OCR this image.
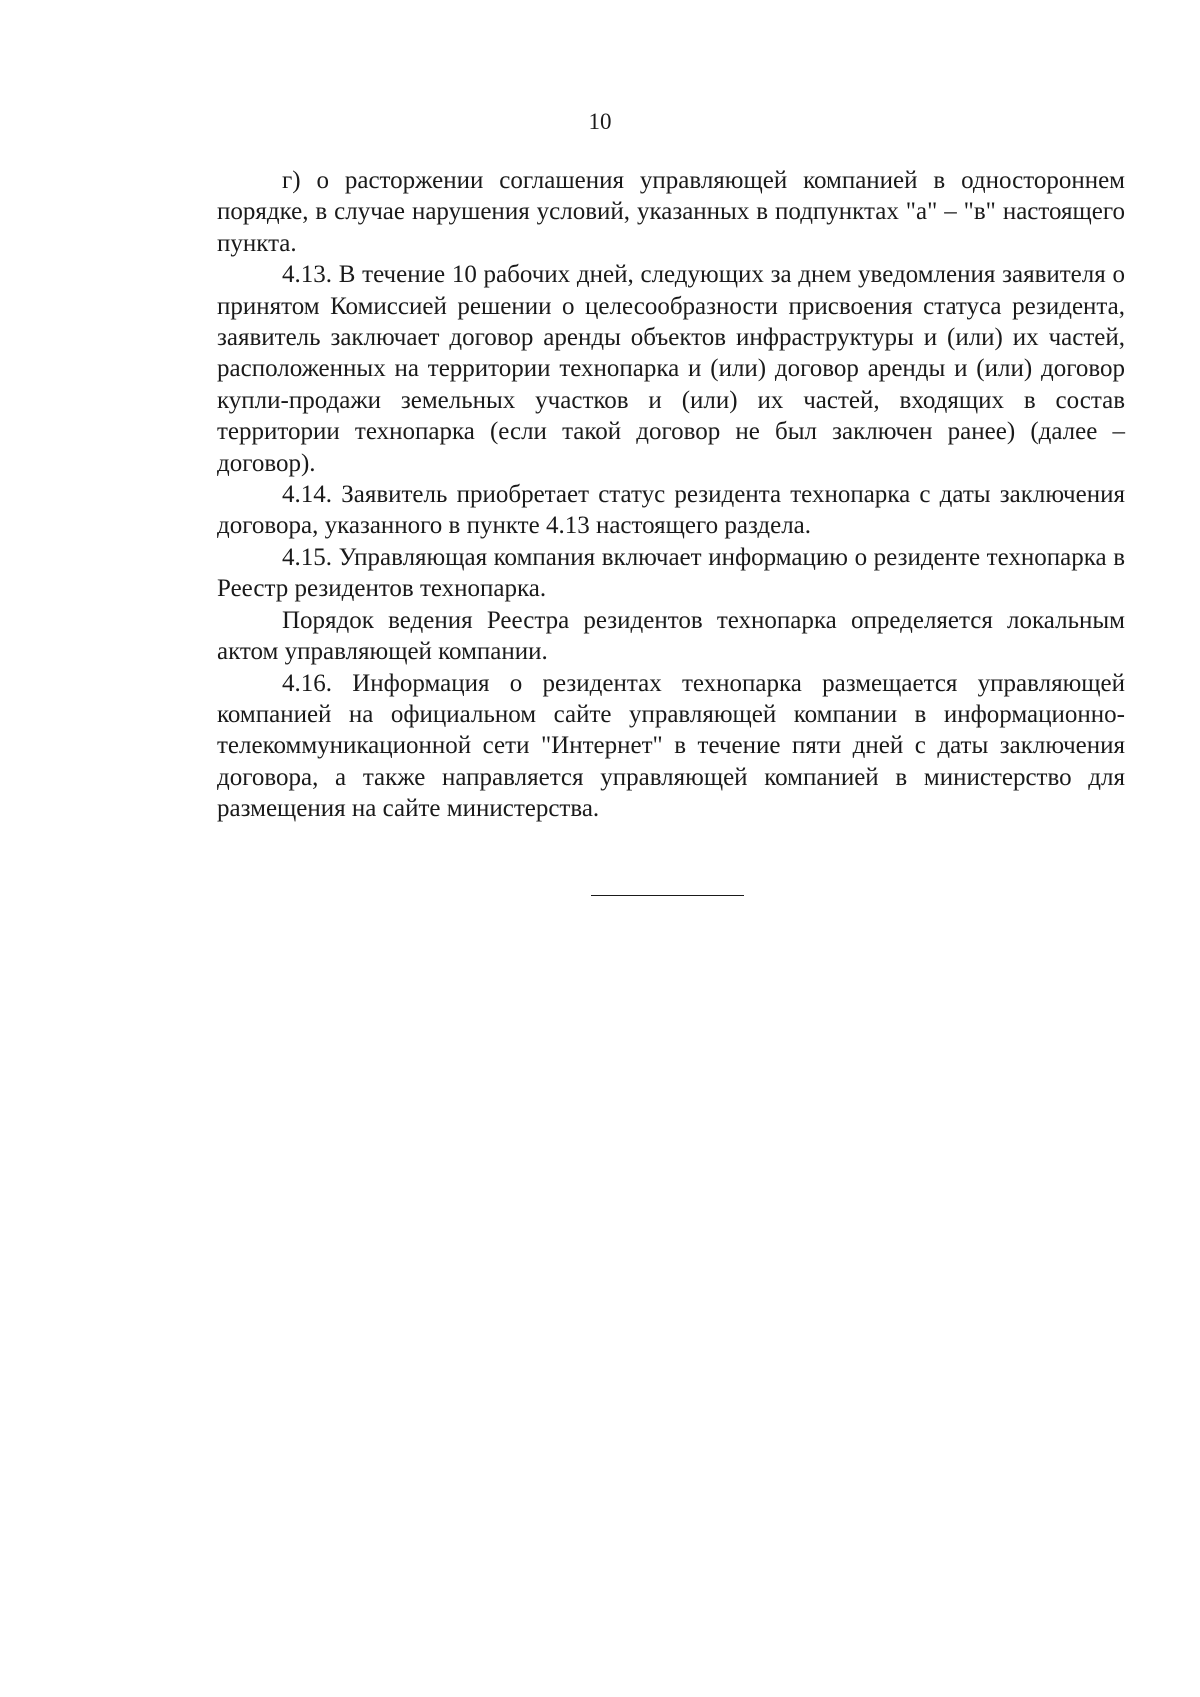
10

г) о расторжении соглашения управляющей компанией в одностороннем порядке, в случае нарушения условий, указанных в подпунктах "а" – "в" настоящего пункта.

4.13. В течение 10 рабочих дней, следующих за днем уведомления заявителя о принятом Комиссией решении о целесообразности присвоения статуса резидента, заявитель заключает договор аренды объектов инфраструктуры и (или) их частей, расположенных на территории технопарка и (или) договор аренды и (или) договор купли-продажи земельных участков и (или) их частей, входящих в состав территории технопарка (если такой договор не был заключен ранее) (далее – договор).

4.14. Заявитель приобретает статус резидента технопарка с даты заключения договора, указанного в пункте 4.13 настоящего раздела.

4.15. Управляющая компания включает информацию о резиденте технопарка в Реестр резидентов технопарка.

Порядок ведения Реестра резидентов технопарка определяется локальным актом управляющей компании.

4.16. Информация о резидентах технопарка размещается управляющей компанией на официальном сайте управляющей компании в информационно-телекоммуникационной сети "Интернет" в течение пяти дней с даты заключения договора, а также направляется управляющей компанией в министерство для размещения на сайте министерства.
